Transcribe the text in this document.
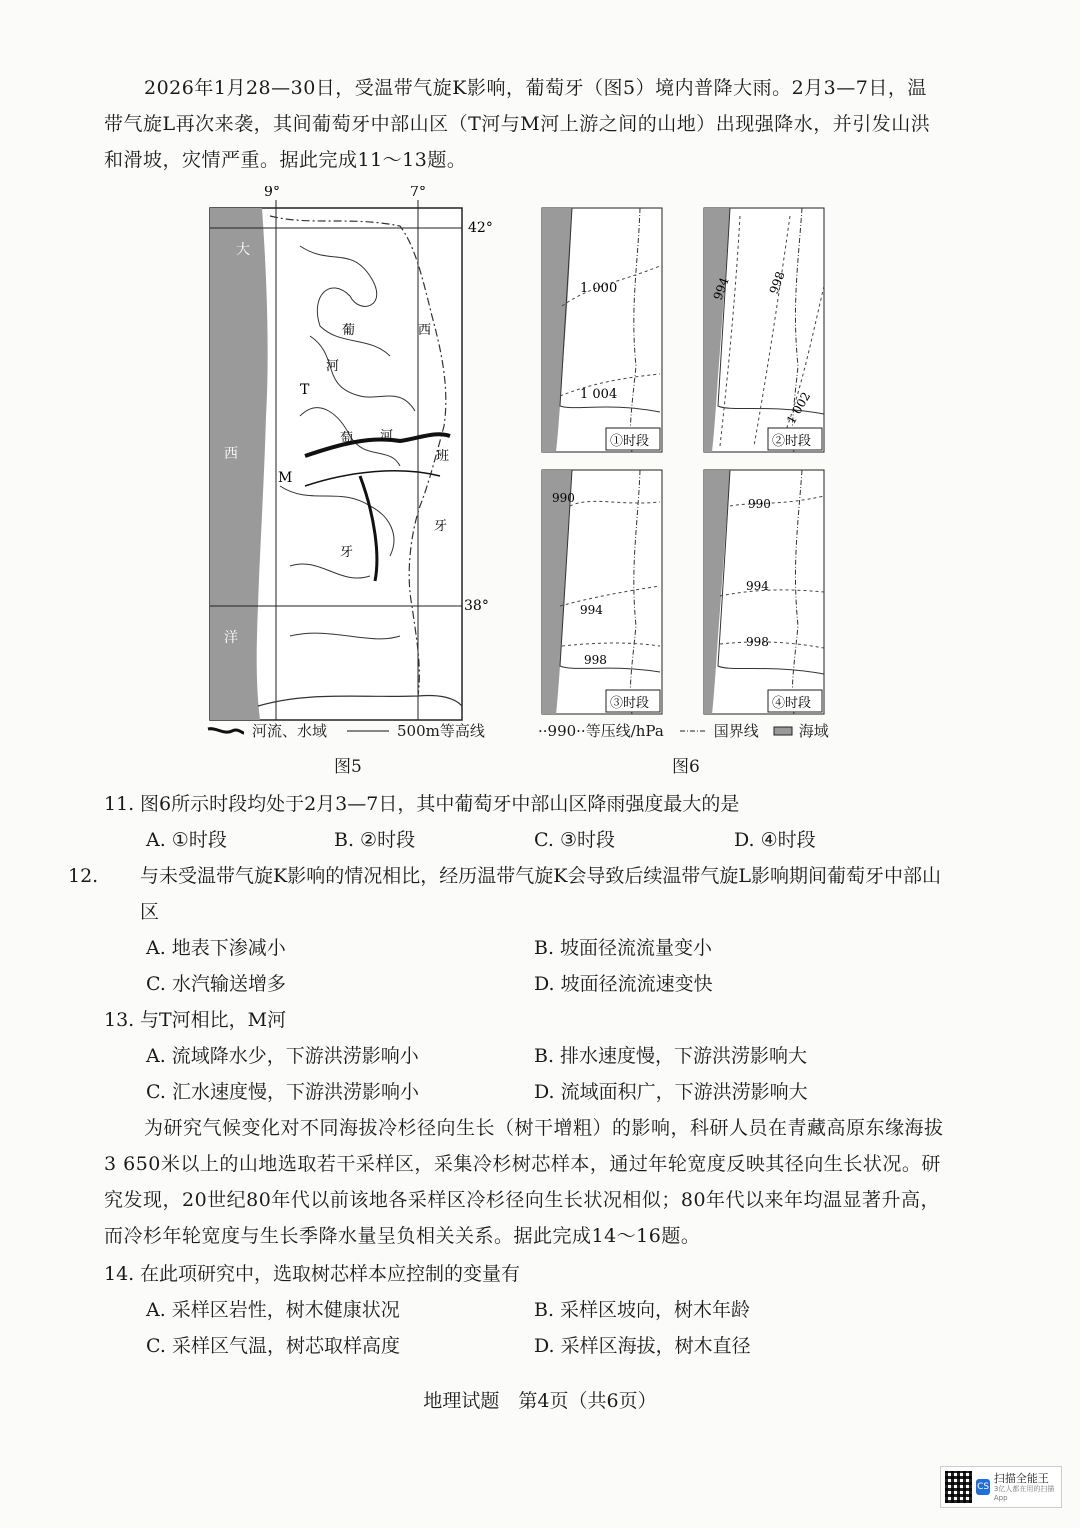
2026年1月28—30日，受温带气旋K影响，葡萄牙（图5）境内普降大雨。2月3—7日，温带气旋L再次来袭，其间葡萄牙中部山区（T河与M河上游之间的山地）出现强降水，并引发山洪和滑坡，灾情严重。据此完成11～13题。

9°	7°
42°
38°
大
西
洋
西
班
牙
葡
萄
牙
T
M
河
河
河流、水域	500m等高线
图5
1 000
1 004
①时段
994	998
1 002
②时段
990
994
998
③时段
990
994
998
④时段
··990··等压线/hPa	国界线	海域
图6

11. 图6所示时段均处于2月3—7日，其中葡萄牙中部山区降雨强度最大的是

A. ①时段	B. ②时段	C. ③时段	D. ④时段

12. 与未受温带气旋K影响的情况相比，经历温带气旋K会导致后续温带气旋L影响期间葡萄牙中部山区

A. 地表下渗减小	B. 坡面径流流量变小
C. 水汽输送增多	D. 坡面径流流速变快

13. 与T河相比，M河

A. 流域降水少，下游洪涝影响小	B. 排水速度慢，下游洪涝影响大
C. 汇水速度慢，下游洪涝影响小	D. 流域面积广，下游洪涝影响大

为研究气候变化对不同海拔冷杉径向生长（树干增粗）的影响，科研人员在青藏高原东缘海拔3 650米以上的山地选取若干采样区，采集冷杉树芯样本，通过年轮宽度反映其径向生长状况。研究发现，20世纪80年代以前该地各采样区冷杉径向生长状况相似；80年代以来年均温显著升高，而冷杉年轮宽度与生长季降水量呈负相关关系。据此完成14～16题。

14. 在此项研究中，选取树芯样本应控制的变量有

A. 采样区岩性，树木健康状况	B. 采样区坡向，树木年龄
C. 采样区气温，树芯取样高度	D. 采样区海拔，树木直径
地理试题　第4页（共6页）
CS
扫描全能王
3亿人都在用的扫描App
